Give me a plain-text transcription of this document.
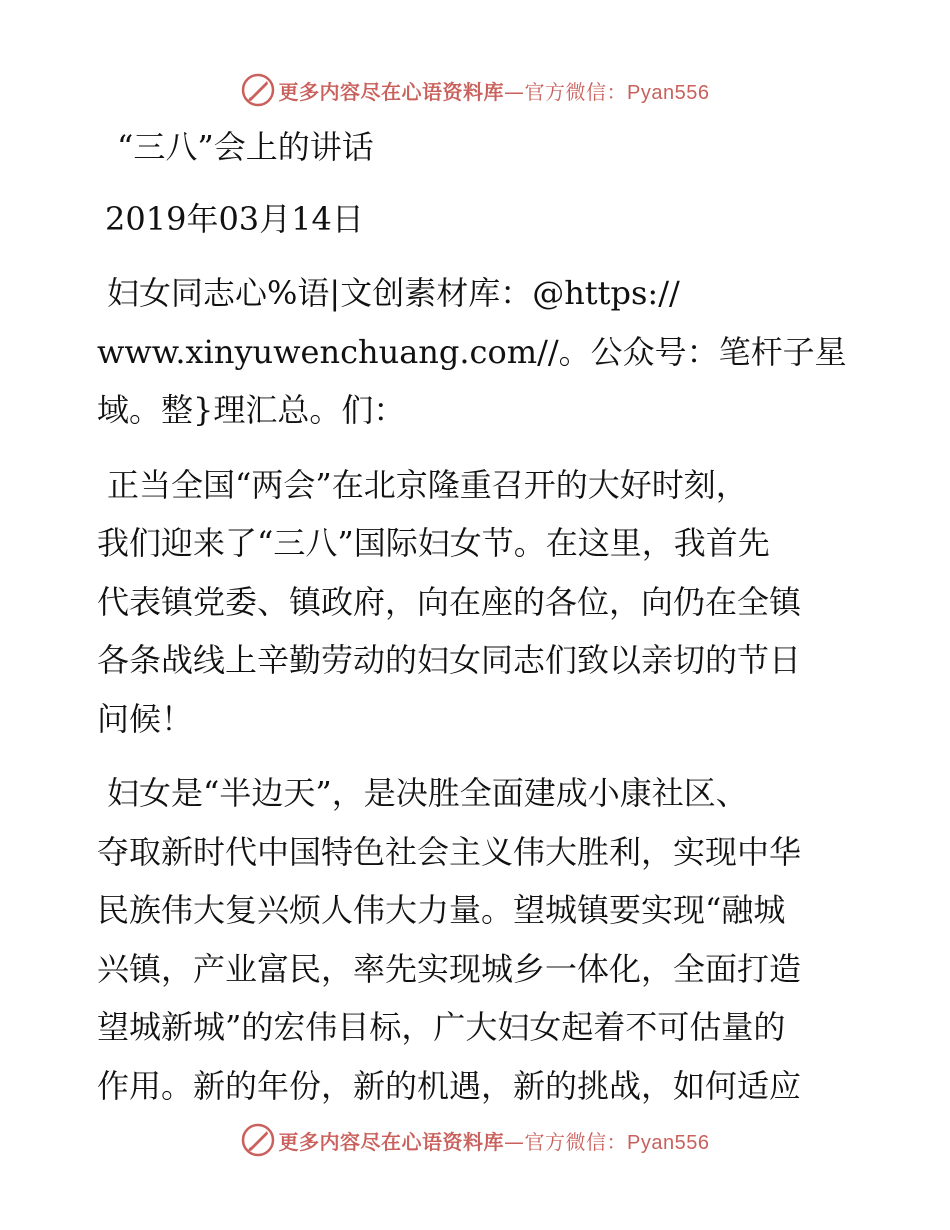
更多内容尽在心语资料库—官方微信：Pyan556
“三八”会上的讲话
2019年03月14日
妇女同志心%语|文创素材库：@https://
www.xinyuwenchuang.com//。公众号：笔杆子星
域。整}理汇总。们：
正当全国“两会”在北京隆重召开的大好时刻，
我们迎来了“三八”国际妇女节。在这里，我首先
代表镇党委、镇政府，向在座的各位，向仍在全镇
各条战线上辛勤劳动的妇女同志们致以亲切的节日
问候！
妇女是“半边天”，是决胜全面建成小康社区、
夺取新时代中国特色社会主义伟大胜利，实现中华
民族伟大复兴烦人伟大力量。望城镇要实现“融城
兴镇，产业富民，率先实现城乡一体化，全面打造
望城新城”的宏伟目标，广大妇女起着不可估量的
作用。新的年份，新的机遇，新的挑战，如何适应
更多内容尽在心语资料库—官方微信：Pyan556
